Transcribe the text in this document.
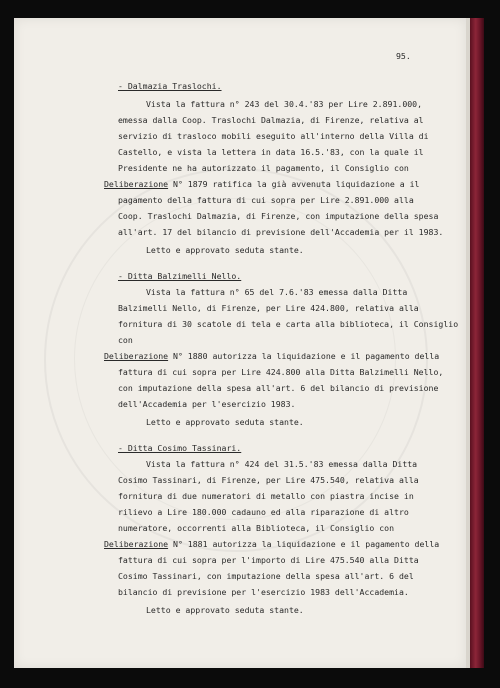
95.
- Dalmazia Traslochi.
Vista la fattura n° 243 del 30.4.'83 per Lire 2.891.000,
emessa dalla Coop. Traslochi Dalmazia, di Firenze, relativa al
servizio di trasloco mobili eseguito all'interno della Villa di
Castello, e vista la lettera in data 16.5.'83, con la quale il
Presidente ne ha autorizzato il pagamento, il Consiglio con
Deliberazione N° 1879 ratifica la già avvenuta liquidazione a il
pagamento della fattura di cui sopra per Lire 2.891.000 alla
Coop. Traslochi Dalmazia, di Firenze, con imputazione della spesa
all'art. 17 del bilancio di previsione dell'Accademia per il 1983.
Letto e approvato seduta stante.
- Ditta Balzimelli Nello.
Vista la fattura n° 65 del 7.6.'83 emessa dalla Ditta
Balzimelli Nello, di Firenze, per Lire 424.800, relativa alla
fornitura di 30 scatole di tela e carta alla biblioteca, il Consiglio
con
Deliberazione N° 1880 autorizza la liquidazione e il pagamento della
fattura di cui sopra per Lire 424.800 alla Ditta Balzimelli Nello,
con imputazione della spesa all'art. 6 del bilancio di previsione
dell'Accademia per l'esercizio 1983.
Letto e approvato seduta stante.
- Ditta Cosimo Tassinari.
Vista la fattura n° 424 del 31.5.'83 emessa dalla Ditta
Cosimo Tassinari, di Firenze, per Lire 475.540, relativa alla
fornitura di due numeratori di metallo con piastra incise in
rilievo a Lire 180.000 cadauno ed alla riparazione di altro
numeratore, occorrenti alla Biblioteca, il Consiglio con
Deliberazione N° 1881 autorizza la liquidazione e il pagamento della
fattura di cui sopra per l'importo di Lire 475.540 alla Ditta
Cosimo Tassinari, con imputazione della spesa all'art. 6 del
bilancio di previsione per l'esercizio 1983 dell'Accademia.
Letto e approvato seduta stante.
